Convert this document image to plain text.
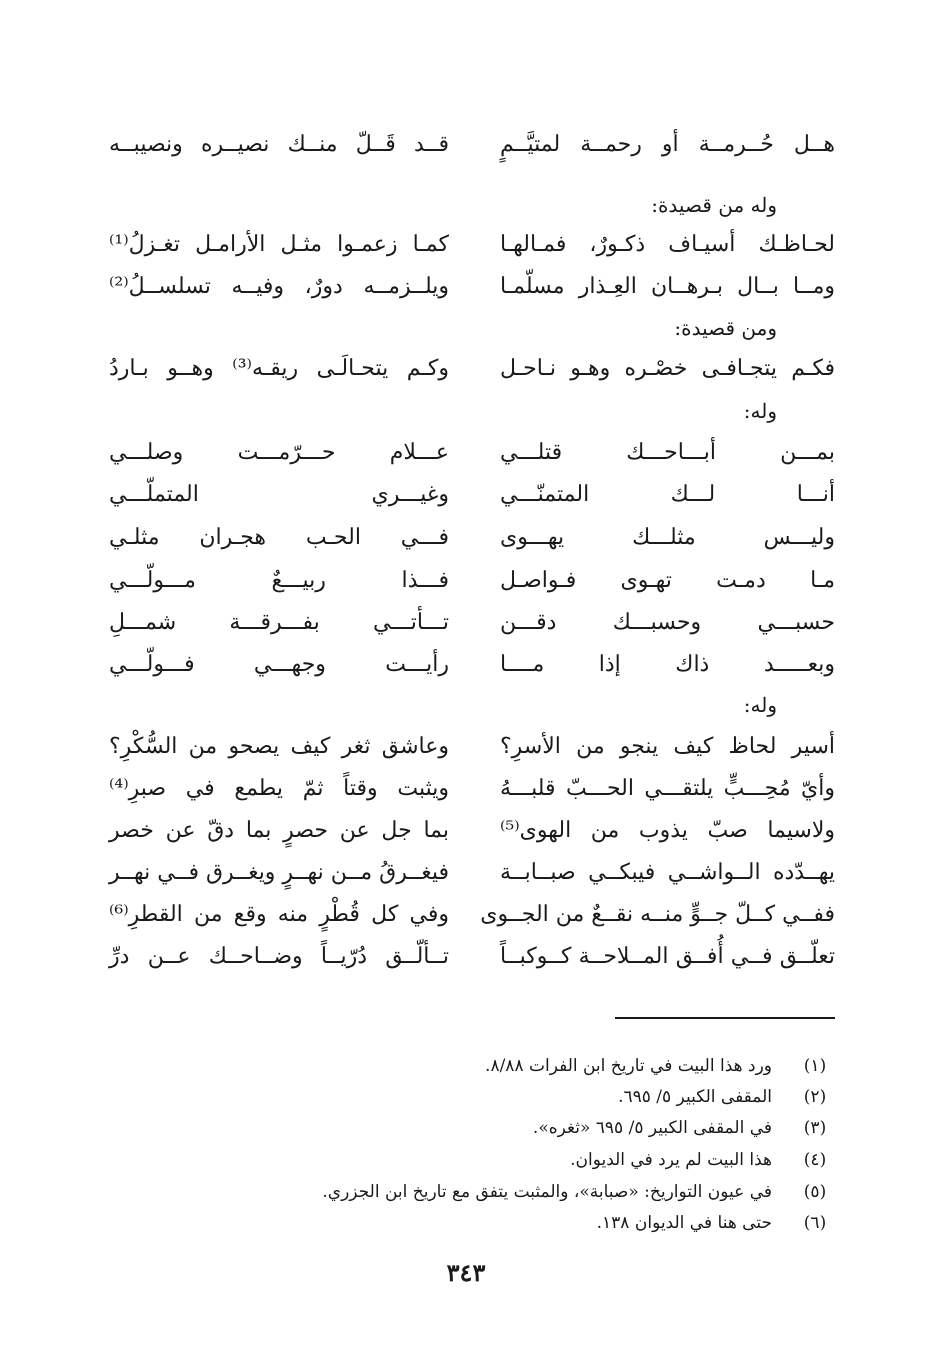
هــل حُــرمــة أو رحمــة لمتيَّــمٍ
قــد قَــلّ منــك نصيــره ونصيبــه
وله من قصيدة:
لحـاظـك أسيـاف ذكـورٌ، فمـالهـا
كمـا زعمـوا مثـل الأرامـل تغـزلُ⁽¹⁾
ومــا بــال بـرهــان العِـذار مسلّمـا
ويلــزمــه دورٌ، وفيــه تسلســلُ⁽²⁾
ومن قصيدة:
فكـم يتجـافـى خصْـره وهـو نـاحـل
وكـم يتحـالَـى ريقـه⁽³⁾ وهــو بـاردُ
وله:
بمـــن أبـــاحـــك قتلـــي
عـــلام حـــرّمـــت وصلـــي
أنـــا لـــك المتمنّـــي
وغيـــري المتملّـــي
وليـــس مثلـــك يهـــوى
فـــي الحـب هجـران مثلـي
مـا دمـت تهـوى فـواصـل
فـــذا ربيـــعٌ مـــولّـــي
حسبـــي وحسبـــك دقـــن
تـــأتـــي بفـــرقـــة شمـــلِ
وبعـــــد ذاك إذا مــــا
رأيـــت وجهـــي فـــولّـــي
وله:
أسير لحاظ كيف ينجو من الأسرِ؟
وعاشق ثغر كيف يصحو من السُّكْرِ؟
وأيّ مُحِـــبٍّ يلتقـــي الحـــبّ قلبـــهُ
ويثبت وقتاً ثمّ يطمع في صبرِ⁽⁴⁾
ولاسيما صبّ يذوب من الهوى⁽⁵⁾
بما جل عن حصرٍ بما دقّ عن خصر
يهــدّده الــواشــي فيبكــي صبــابــة
فيغــرقُ مــن نهــرٍ ويغــرق فــي نهــر
ففــي كــلّ جــوٍّ منــه نقــعٌ من الجــوى
وفي كل قُطْرٍ منه وقع من القطرِ⁽⁶⁾
تعلّــق فــي أُفــق المــلاحــة كــوكبــاً
تــألّــق دُرّيــاً وضــاحــك عــن درِّ
(١)
ورد هذا البيت في تاريخ ابن الفرات ٨/٨٨.
(٢)
المقفى الكبير ٥/ ٦٩٥.
(٣)
في المقفى الكبير ٥/ ٦٩٥ «ثغره».
(٤)
هذا البيت لم يرد في الديوان.
(٥)
في عيون التواريخ: «صبابة»، والمثبت يتفق مع تاريخ ابن الجزري.
(٦)
حتى هنا في الديوان ١٣٨.
٣٤٣
